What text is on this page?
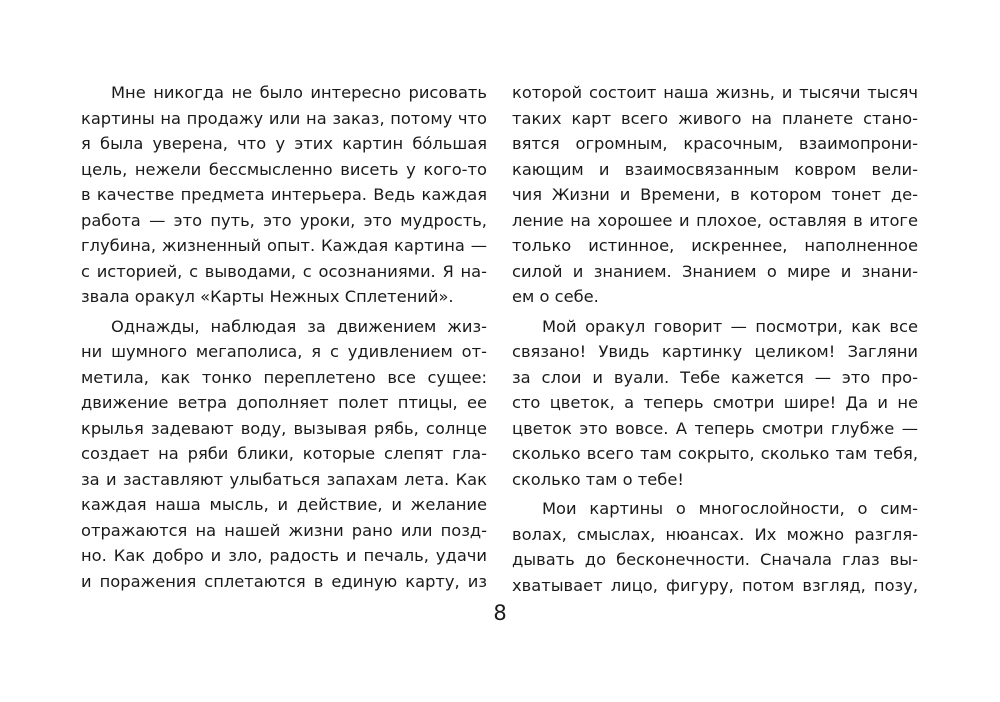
Мне никогда не было интересно рисовать
картины на продажу или на заказ, потому что
я была уверена, что у этих картин бо́льшая
цель, нежели бессмысленно висеть у кого-то
в качестве предмета интерьера. Ведь каждая
работа — это путь, это уроки, это мудрость,
глубина, жизненный опыт. Каждая картина —
с историей, с выводами, с осознаниями. Я на-
звала оракул «Карты Нежных Сплетений».
Однажды, наблюдая за движением жиз-
ни шумного мегаполиса, я с удивлением от-
метила, как тонко переплетено все сущее:
движение ветра дополняет полет птицы, ее
крылья задевают воду, вызывая рябь, солнце
создает на ряби блики, которые слепят гла-
за и заставляют улыбаться запахам лета. Как
каждая наша мысль, и действие, и желание
отражаются на нашей жизни рано или позд-
но. Как добро и зло, радость и печаль, удачи
и поражения сплетаются в единую карту, из
которой состоит наша жизнь, и тысячи тысяч
таких карт всего живого на планете стано-
вятся огромным, красочным, взаимопрони-
кающим и взаимосвязанным ковром вели-
чия Жизни и Времени, в котором тонет де-
ление на хорошее и плохое, оставляя в итоге
только истинное, искреннее, наполненное
силой и знанием. Знанием о мире и знани-
ем о себе.
Мой оракул говорит — посмотри, как все
связано! Увидь картинку целиком! Загляни
за слои и вуали. Тебе кажется — это про-
сто цветок, а теперь смотри шире! Да и не
цветок это вовсе. А теперь смотри глубже —
сколько всего там сокрыто, сколько там тебя,
сколько там о тебе!
Мои картины о многослойности, о сим-
волах, смыслах, нюансах. Их можно разгля-
дывать до бесконечности. Сначала глаз вы-
хватывает лицо, фигуру, потом взгляд, позу,
8
